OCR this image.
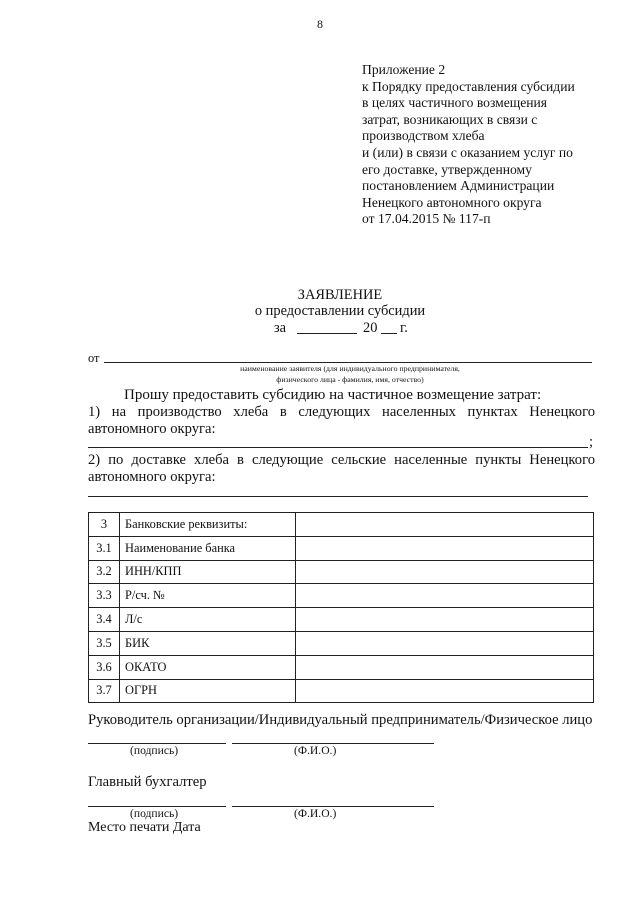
8
Приложение 2
к Порядку предоставления субсидии
в целях частичного возмещения
затрат, возникающих в связи с
производством хлеба
и (или) в связи с оказанием услуг по
его доставке, утвержденному
постановлением Администрации
Ненецкого автономного округа
от 17.04.2015 № 117-п
ЗАЯВЛЕНИЕ
о предоставлении субсидии
за	20 г.
от
наименование заявителя (для индивидуального предпринимателя,
физического лица - фамилия, имя, отчество)
Прошу предоставить субсидию на частичное возмещение затрат:
1) на производство хлеба в следующих населенных пунктах Ненецкого
автономного округа:
;
2) по доставке хлеба в следующие сельские населенные пункты Ненецкого
автономного округа:
3	Банковские реквизиты:	
3.1	Наименование банка	
3.2	ИНН/КПП	
3.3	Р/сч. №	
3.4	Л/с	
3.5	БИК	
3.6	ОКАТО	
3.7	ОГРН	
Руководитель организации/Индивидуальный предприниматель/Физическое лицо
(подпись)	(Ф.И.О.)
Главный бухгалтер
(подпись)	(Ф.И.О.)
Место печати Дата
